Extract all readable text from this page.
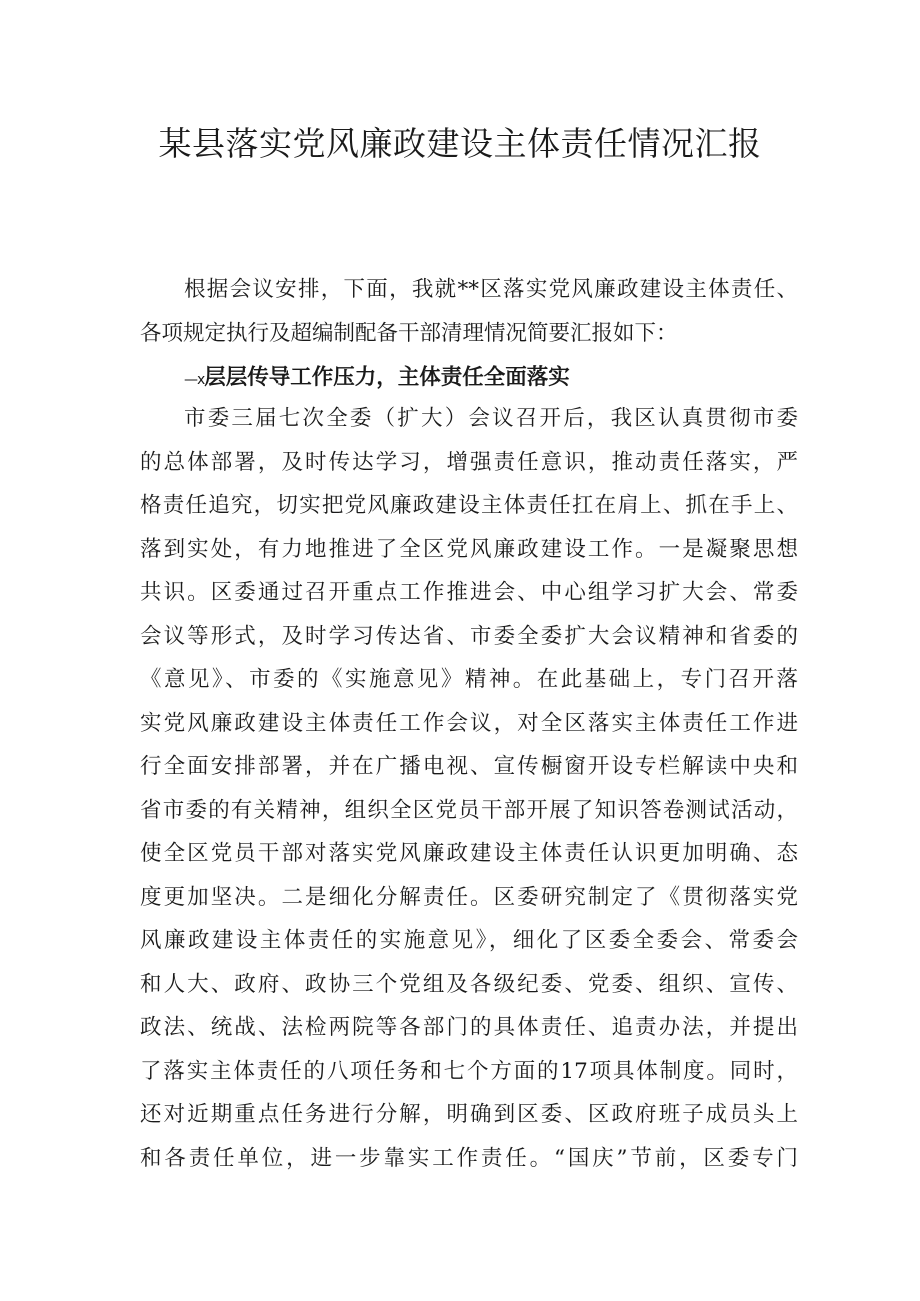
某县落实党风廉政建设主体责任情况汇报
根据会议安排，下面，我就**区落实党风廉政建设主体责任、
各项规定执行及超编制配备干部清理情况简要汇报如下：
—x层层传导工作压力，主体责任全面落实
市委三届七次全委（扩大）会议召开后，我区认真贯彻市委
的总体部署，及时传达学习，增强责任意识，推动责任落实，严
格责任追究，切实把党风廉政建设主体责任扛在肩上、抓在手上、
落到实处，有力地推进了全区党风廉政建设工作。一是凝聚思想
共识。区委通过召开重点工作推进会、中心组学习扩大会、常委
会议等形式，及时学习传达省、市委全委扩大会议精神和省委的
《意见》、市委的《实施意见》精神。在此基础上，专门召开落
实党风廉政建设主体责任工作会议，对全区落实主体责任工作进
行全面安排部署，并在广播电视、宣传橱窗开设专栏解读中央和
省市委的有关精神，组织全区党员干部开展了知识答卷测试活动，
使全区党员干部对落实党风廉政建设主体责任认识更加明确、态
度更加坚决。二是细化分解责任。区委研究制定了《贯彻落实党
风廉政建设主体责任的实施意见》，细化了区委全委会、常委会
和人大、政府、政协三个党组及各级纪委、党委、组织、宣传、
政法、统战、法检两院等各部门的具体责任、追责办法，并提出
了落实主体责任的八项任务和七个方面的17项具体制度。同时，
还对近期重点任务进行分解，明确到区委、区政府班子成员头上
和各责任单位，进一步靠实工作责任。“国庆”节前，区委专门
